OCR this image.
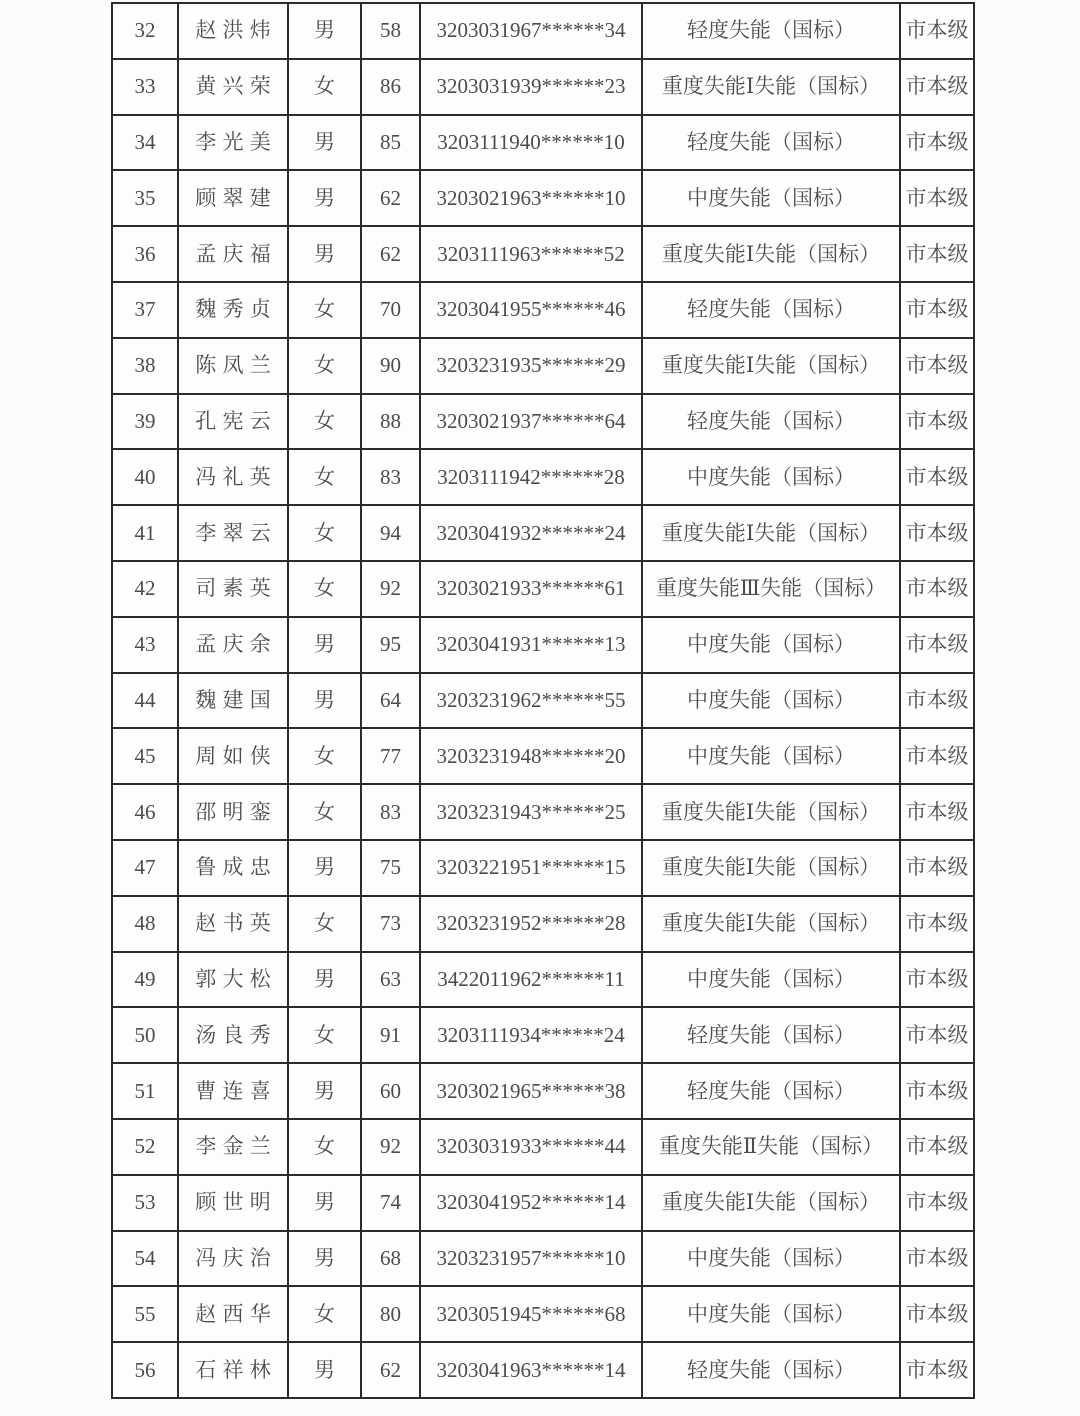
32	赵洪炜	男	58	3203031967******34	轻度失能（国标）	市本级
33	黄兴荣	女	86	3203031939******23	重度失能Ⅰ失能（国标）	市本级
34	李光美	男	85	3203111940******10	轻度失能（国标）	市本级
35	顾翠建	男	62	3203021963******10	中度失能（国标）	市本级
36	孟庆福	男	62	3203111963******52	重度失能Ⅰ失能（国标）	市本级
37	魏秀贞	女	70	3203041955******46	轻度失能（国标）	市本级
38	陈凤兰	女	90	3203231935******29	重度失能Ⅰ失能（国标）	市本级
39	孔宪云	女	88	3203021937******64	轻度失能（国标）	市本级
40	冯礼英	女	83	3203111942******28	中度失能（国标）	市本级
41	李翠云	女	94	3203041932******24	重度失能Ⅰ失能（国标）	市本级
42	司素英	女	92	3203021933******61	重度失能Ⅲ失能（国标）	市本级
43	孟庆余	男	95	3203041931******13	中度失能（国标）	市本级
44	魏建国	男	64	3203231962******55	中度失能（国标）	市本级
45	周如侠	女	77	3203231948******20	中度失能（国标）	市本级
46	邵明銮	女	83	3203231943******25	重度失能Ⅰ失能（国标）	市本级
47	鲁成忠	男	75	3203221951******15	重度失能Ⅰ失能（国标）	市本级
48	赵书英	女	73	3203231952******28	重度失能Ⅰ失能（国标）	市本级
49	郭大松	男	63	3422011962******11	中度失能（国标）	市本级
50	汤良秀	女	91	3203111934******24	轻度失能（国标）	市本级
51	曹连喜	男	60	3203021965******38	轻度失能（国标）	市本级
52	李金兰	女	92	3203031933******44	重度失能Ⅱ失能（国标）	市本级
53	顾世明	男	74	3203041952******14	重度失能Ⅰ失能（国标）	市本级
54	冯庆治	男	68	3203231957******10	中度失能（国标）	市本级
55	赵西华	女	80	3203051945******68	中度失能（国标）	市本级
56	石祥林	男	62	3203041963******14	轻度失能（国标）	市本级
